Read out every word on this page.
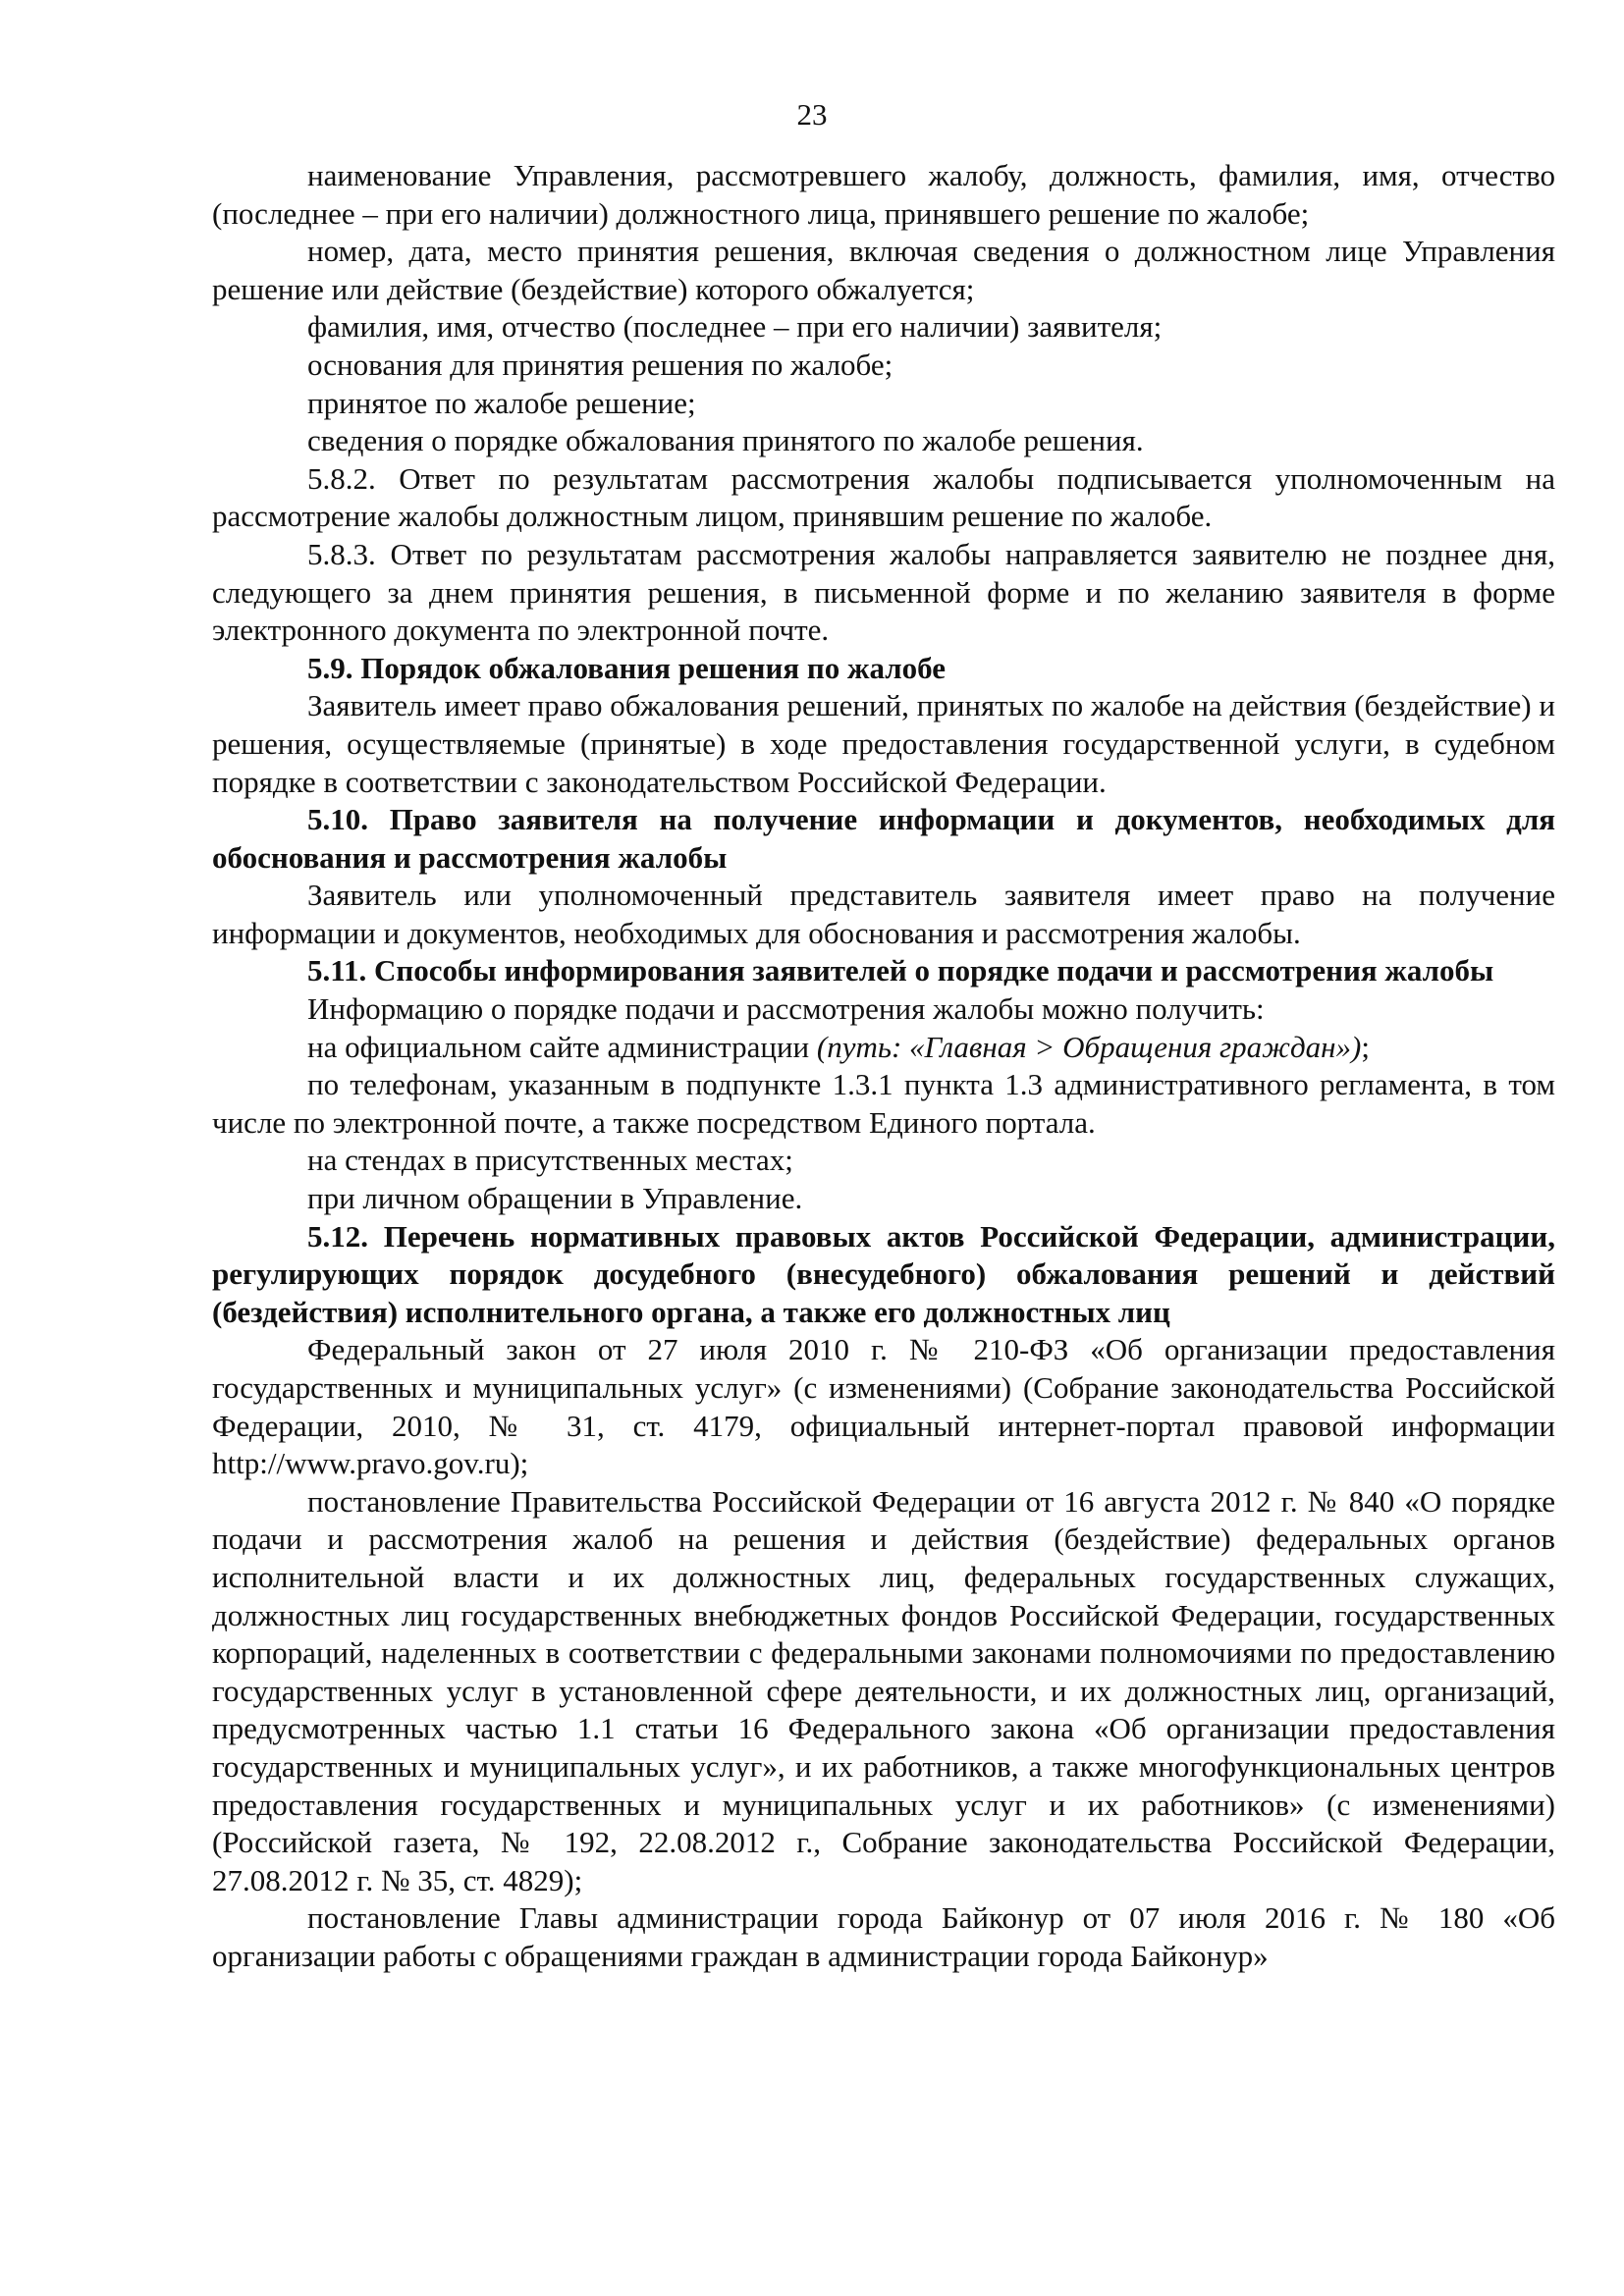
23

наименование Управления, рассмотревшего жалобу, должность, фамилия, имя, отчество (последнее – при его наличии) должностного лица, принявшего решение по жалобе;

номер, дата, место принятия решения, включая сведения о должностном лице Управления решение или действие (бездействие) которого обжалуется;

фамилия, имя, отчество (последнее – при его наличии) заявителя;

основания для принятия решения по жалобе;

принятое по жалобе решение;

сведения о порядке обжалования принятого по жалобе решения.

5.8.2. Ответ по результатам рассмотрения жалобы подписывается уполномоченным на рассмотрение жалобы должностным лицом, принявшим решение по жалобе.

5.8.3. Ответ по результатам рассмотрения жалобы направляется заявителю не позднее дня, следующего за днем принятия решения, в письменной форме и по желанию заявителя в форме электронного документа по электронной почте.

5.9. Порядок обжалования решения по жалобе

Заявитель имеет право обжалования решений, принятых по жалобе на действия (бездействие) и решения, осуществляемые (принятые) в ходе предоставления государственной услуги, в судебном порядке в соответствии с законодательством Российской Федерации.

5.10. Право заявителя на получение информации и документов, необходимых для обоснования и рассмотрения жалобы

Заявитель или уполномоченный представитель заявителя имеет право на получение информации и документов, необходимых для обоснования и рассмотрения жалобы.

5.11. Способы информирования заявителей о порядке подачи и рассмотрения жалобы

Информацию о порядке подачи и рассмотрения жалобы можно получить:

на официальном сайте администрации (путь: «Главная > Обращения граждан»);

по телефонам, указанным в подпункте 1.3.1 пункта 1.3 административного регламента, в том числе по электронной почте, а также посредством Единого портала.

на стендах в присутственных местах;

при личном обращении в Управление.

5.12. Перечень нормативных правовых актов Российской Федерации, администрации, регулирующих порядок досудебного (внесудебного) обжалования решений и действий (бездействия) исполнительного органа, а также его должностных лиц

Федеральный закон от 27 июля 2010 г. № 210-ФЗ «Об организации предоставления государственных и муниципальных услуг» (с изменениями) (Собрание законодательства Российской Федерации, 2010, № 31, ст. 4179, официальный интернет-портал правовой информации http://www.pravo.gov.ru);

постановление Правительства Российской Федерации от 16 августа 2012 г. № 840 «О порядке подачи и рассмотрения жалоб на решения и действия (бездействие) федеральных органов исполнительной власти и их должностных лиц, федеральных государственных служащих, должностных лиц государственных внебюджетных фондов Российской Федерации, государственных корпораций, наделенных в соответствии с федеральными законами полномочиями по предоставлению государственных услуг в установленной сфере деятельности, и их должностных лиц, организаций, предусмотренных частью 1.1 статьи 16 Федерального закона «Об организации предоставления государственных и муниципальных услуг», и их работников, а также многофункциональных центров предоставления государственных и муниципальных услуг и их работников» (с изменениями) (Российской газета, № 192, 22.08.2012 г., Собрание законодательства Российской Федерации, 27.08.2012 г. № 35, ст. 4829);

постановление Главы администрации города Байконур от 07 июля 2016 г. № 180 «Об организации работы с обращениями граждан в администрации города Байконур»
